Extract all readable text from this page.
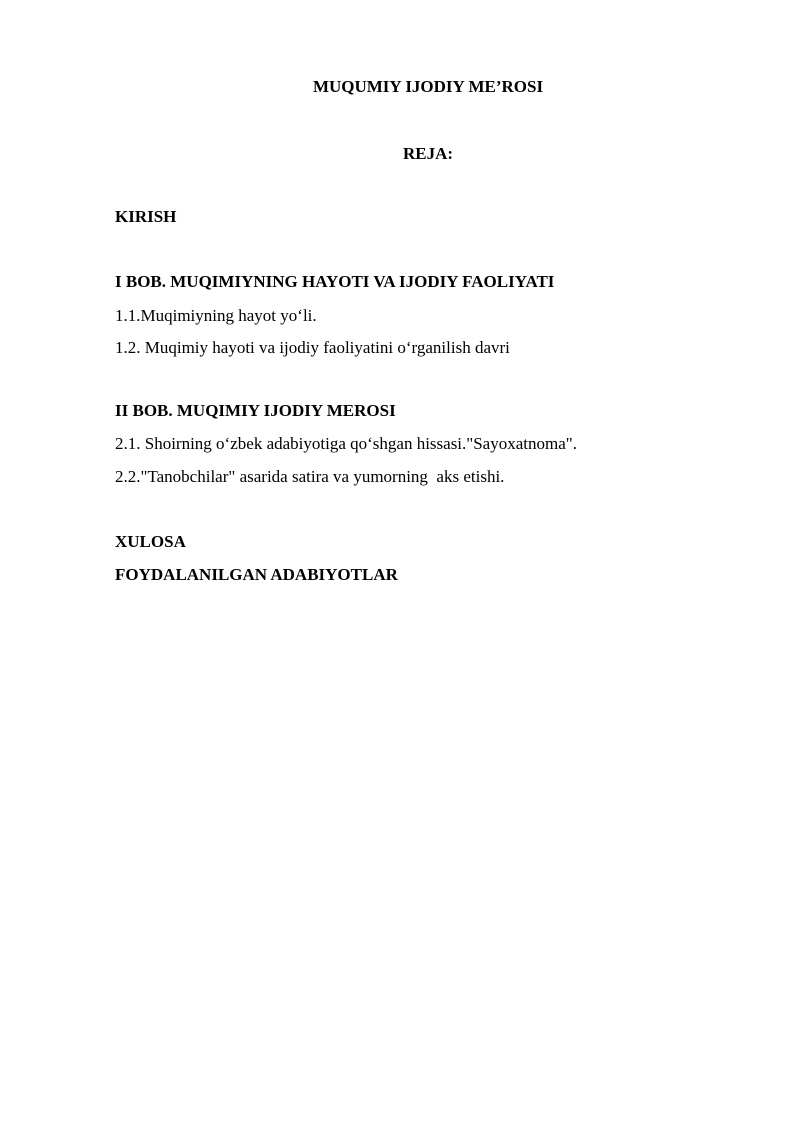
MUQUMIY IJODIY ME’ROSI
REJA:
KIRISH
I BOB. MUQIMIYNING HAYOTI VA IJODIY FAOLIYATI
1.1.Muqimiyning hayot yo‘li.
1.2. Muqimiy hayoti va ijodiy faoliyatini o‘rganilish davri
II BOB. MUQIMIY IJODIY MEROSI
2.1. Shoirning o‘zbek adabiyotiga qo‘shgan hissasi."Sayoxatnoma".
2.2."Tanobchilar" asarida satira va yumorning  aks etishi.
XULOSA
FOYDALANILGAN ADABIYOTLAR
